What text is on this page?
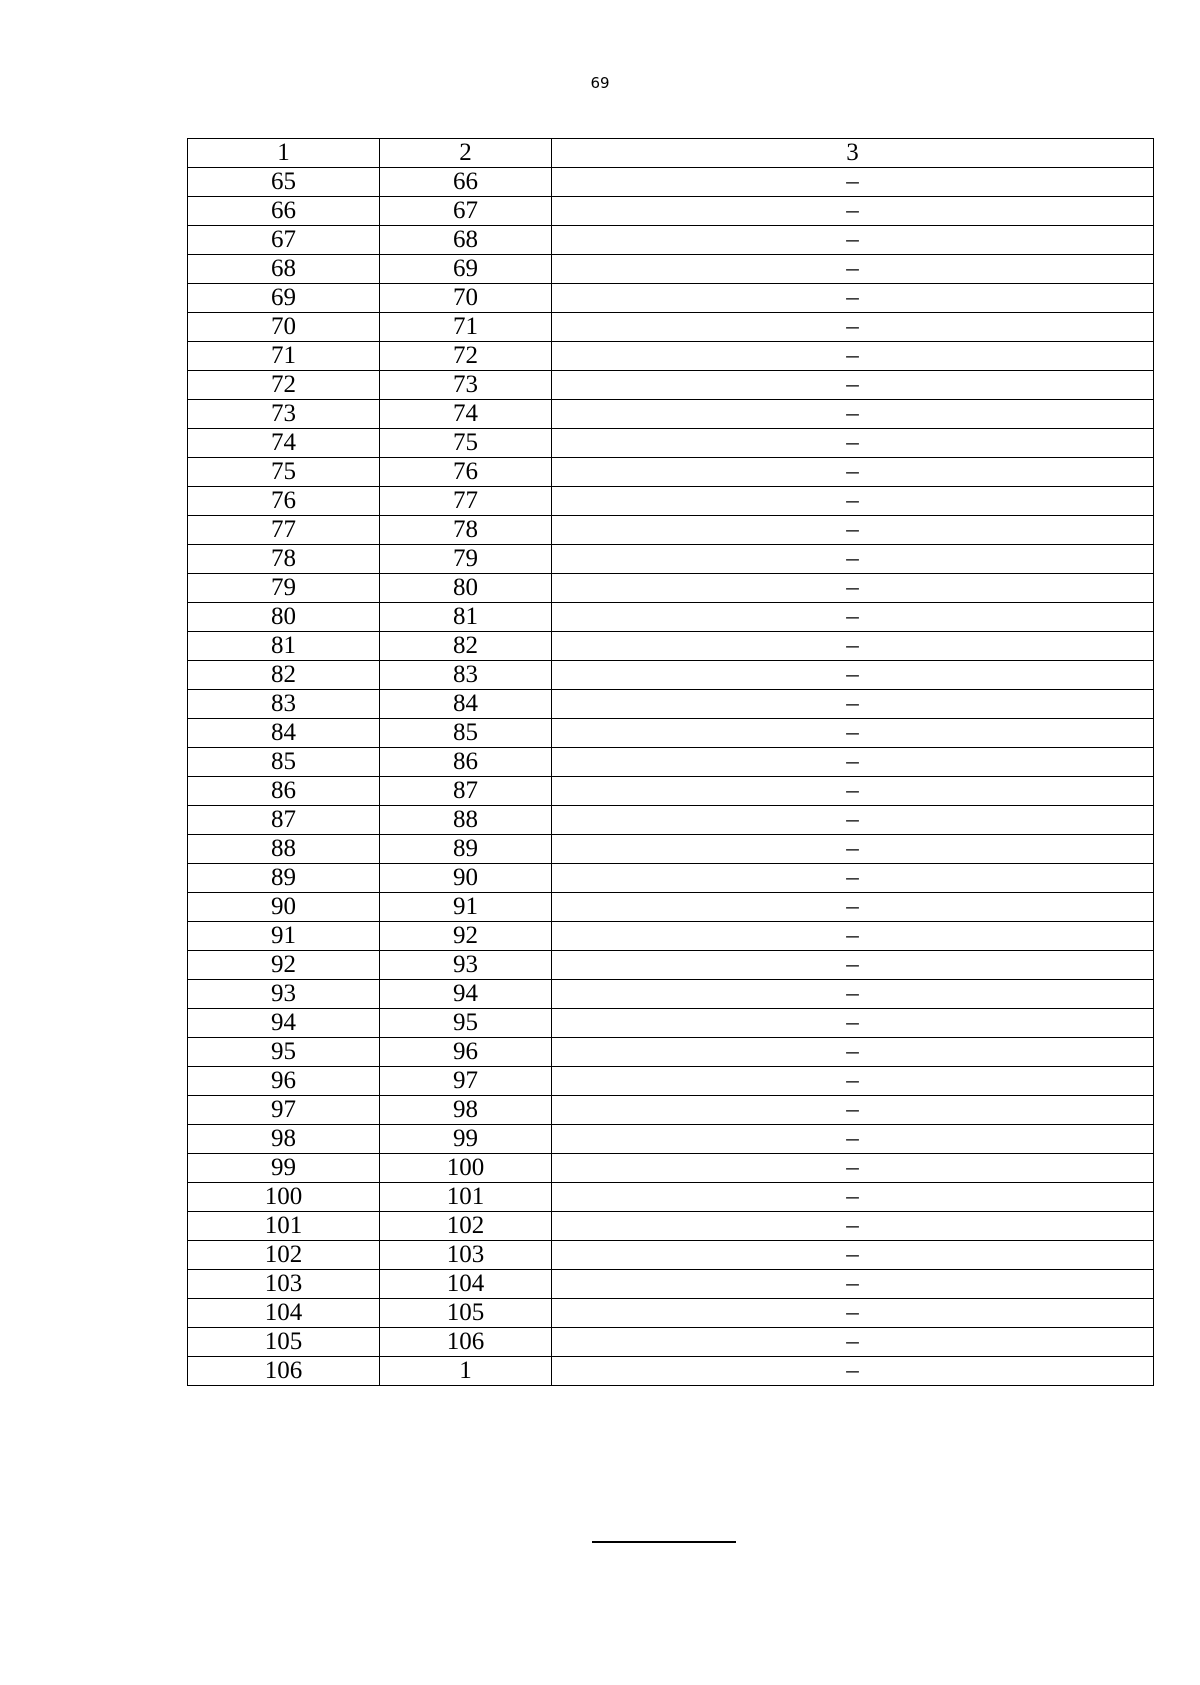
69
1	2	3
65	66	–
66	67	–
67	68	–
68	69	–
69	70	–
70	71	–
71	72	–
72	73	–
73	74	–
74	75	–
75	76	–
76	77	–
77	78	–
78	79	–
79	80	–
80	81	–
81	82	–
82	83	–
83	84	–
84	85	–
85	86	–
86	87	–
87	88	–
88	89	–
89	90	–
90	91	–
91	92	–
92	93	–
93	94	–
94	95	–
95	96	–
96	97	–
97	98	–
98	99	–
99	100	–
100	101	–
101	102	–
102	103	–
103	104	–
104	105	–
105	106	–
106	1	–
